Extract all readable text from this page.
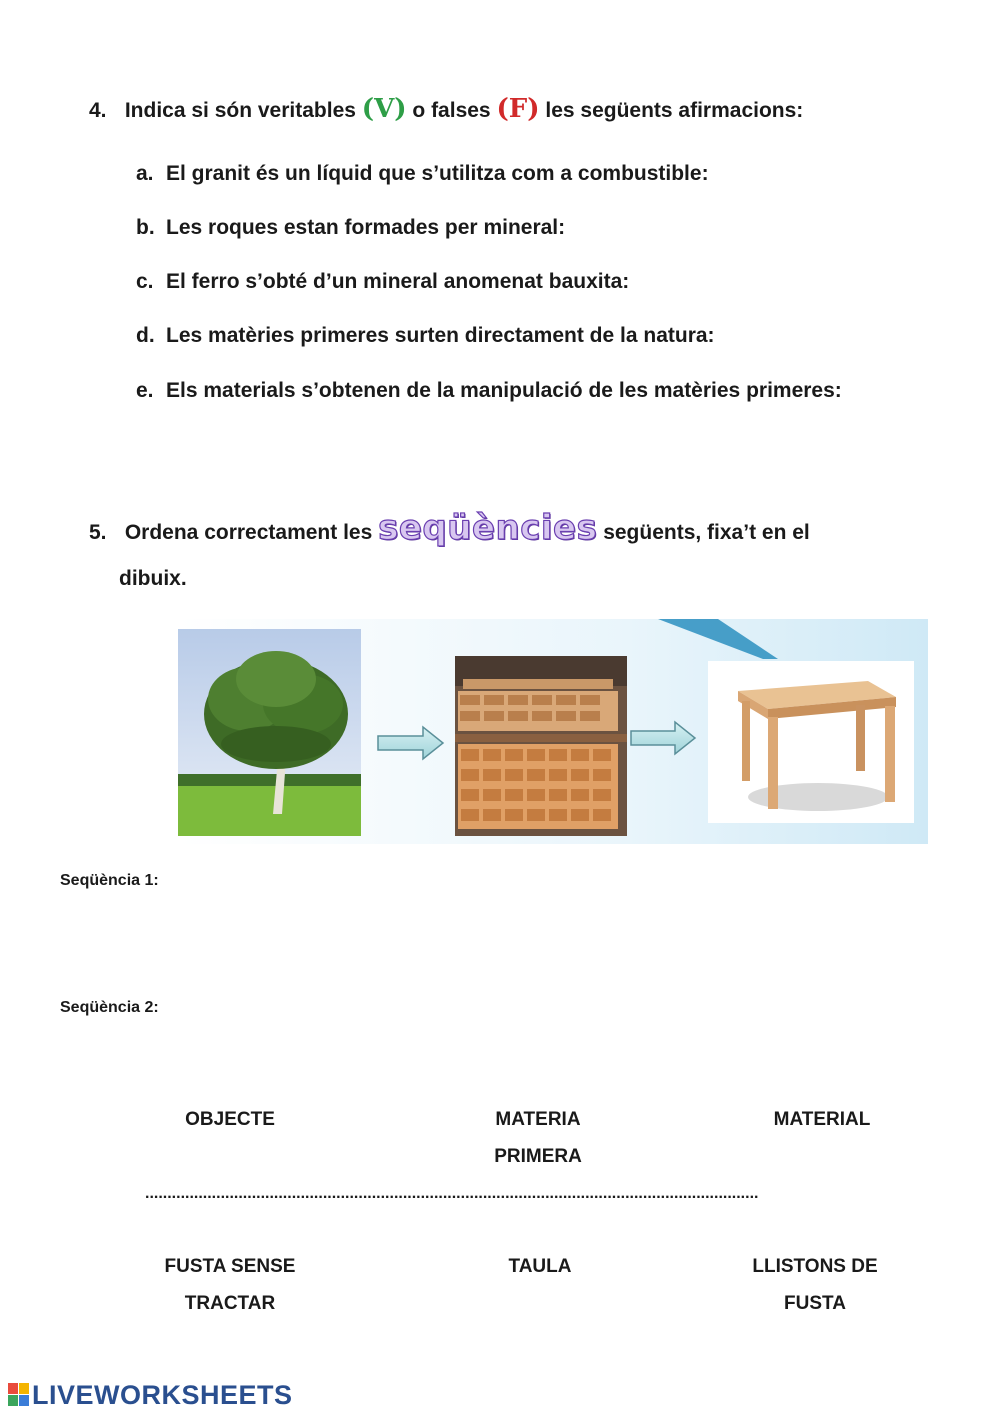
4. Indica si són veritables (V) o falses (F) les següents afirmacions:
a. El granit és un líquid que s’utilitza com a combustible:
b. Les roques estan formades per mineral:
c. El ferro s’obté d’un mineral anomenat bauxita:
d. Les matèries primeres surten directament de la natura:
e. Els materials s’obtenen de la manipulació de les matèries primeres:
5. Ordena correctament les seqüències següents, fixa’t en el
dibuix.
Seqüència 1:
Seqüència 2:
OBJECTE	MATERIA
PRIMERA
MATERIAL
..........................................................................................................................................
FUSTA SENSE
TRACTAR
TAULA	LLISTONS DE
FUSTA
LIVEWORKSHEETS
